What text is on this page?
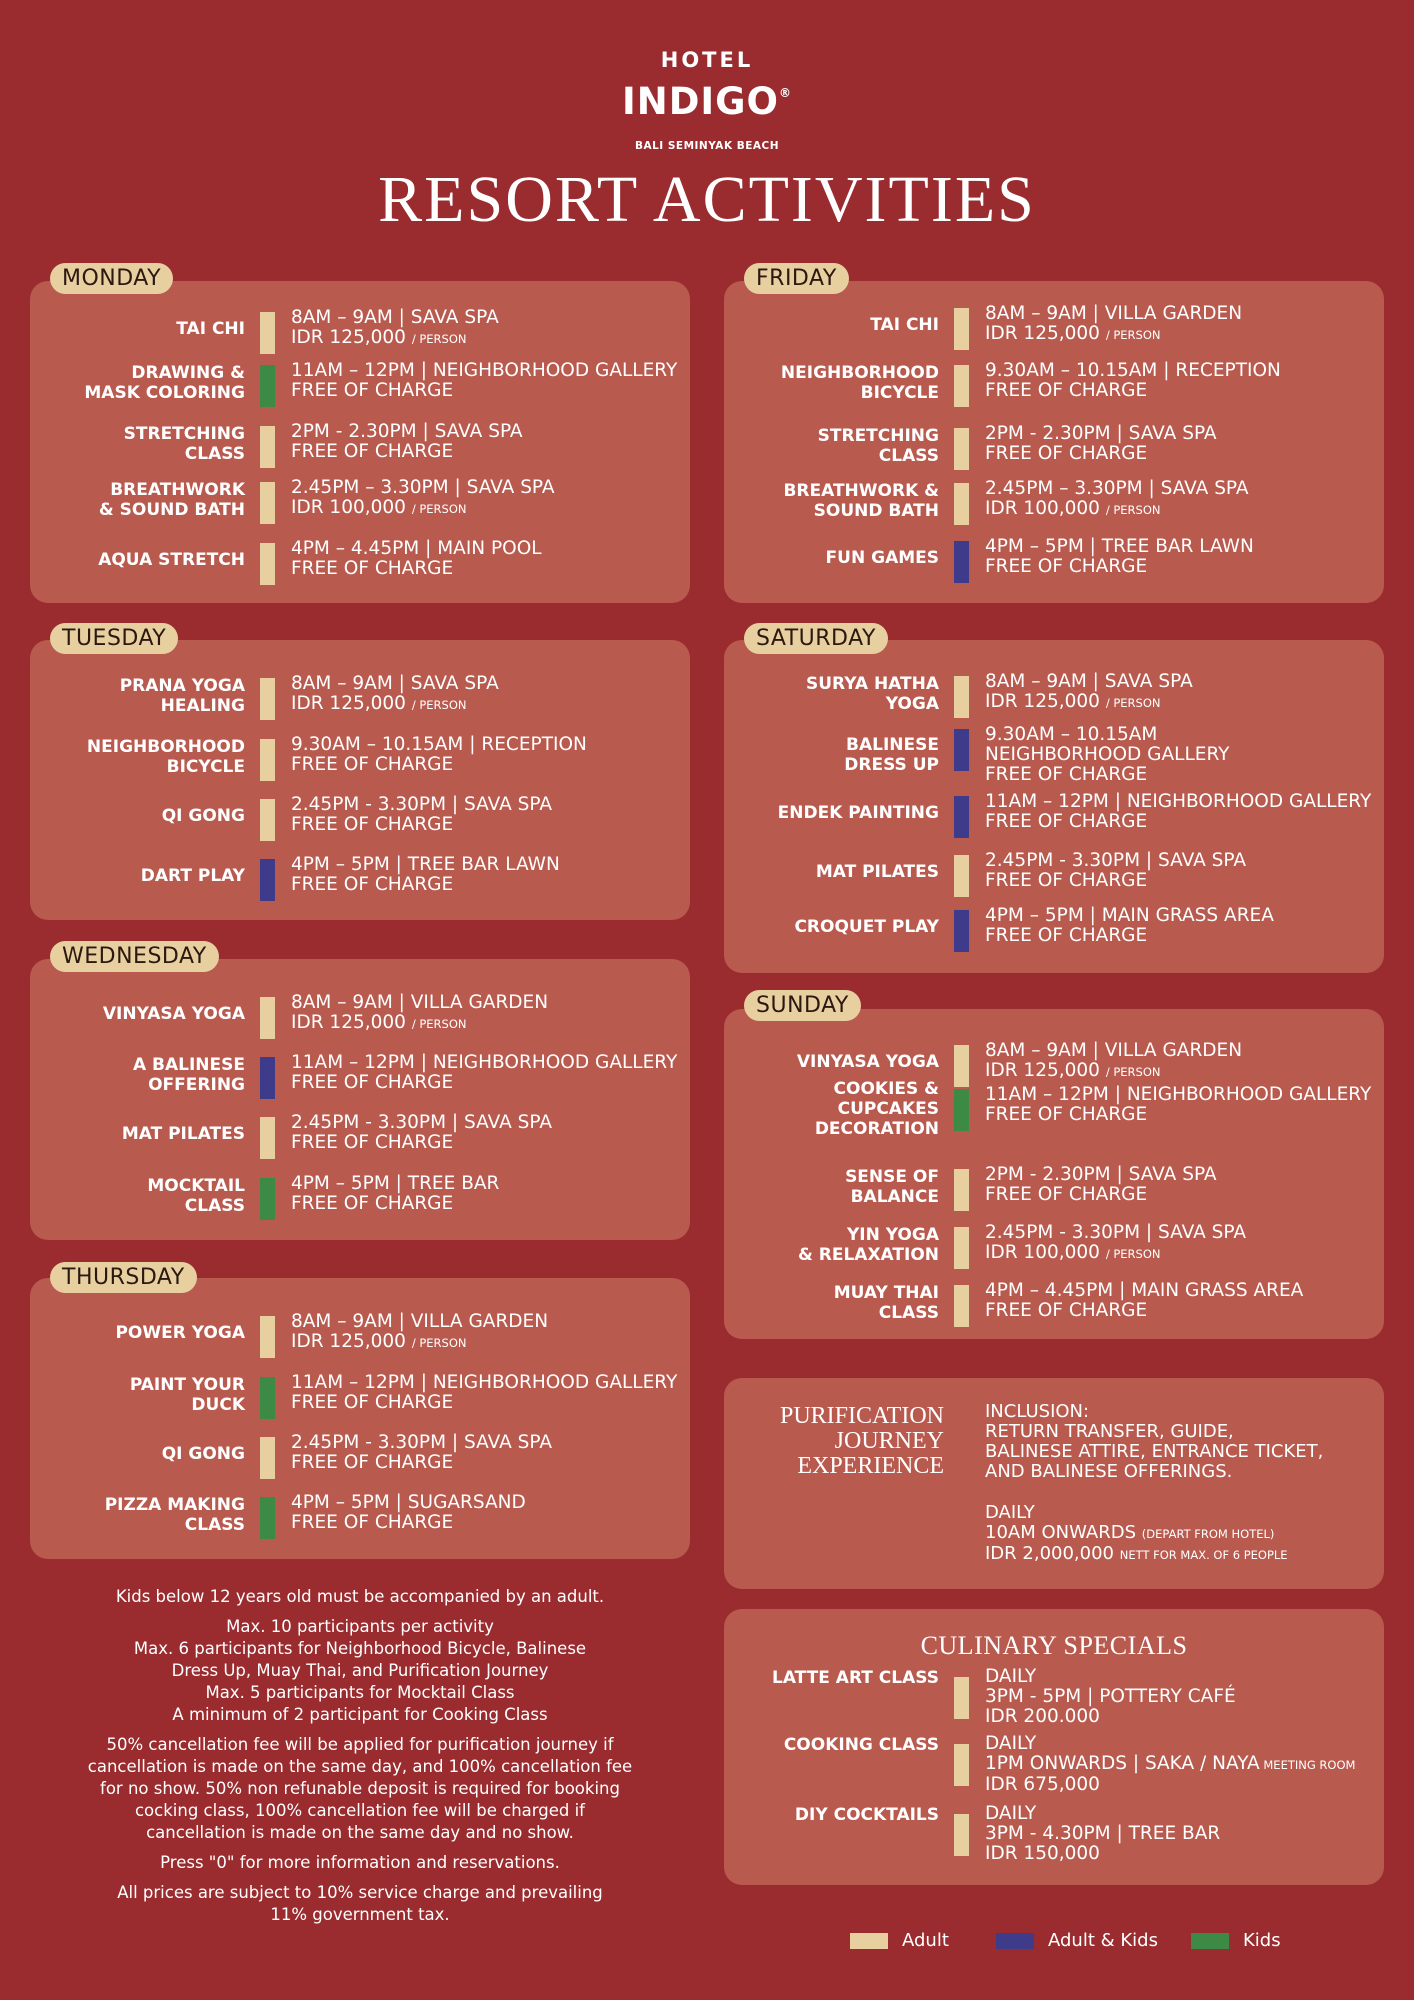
HOTEL
INDIGO®
BALI SEMINYAK BEACH
RESORT ACTIVITIES
TAI CHI
8AM – 9AM | SAVA SPA
IDR 125,000 / PERSON
DRAWING &
MASK COLORING
11AM – 12PM | NEIGHBORHOOD GALLERY
FREE OF CHARGE
STRETCHING
CLASS
2PM - 2.30PM | SAVA SPA
FREE OF CHARGE
BREATHWORK
& SOUND BATH
2.45PM – 3.30PM | SAVA SPA
IDR 100,000 / PERSON
AQUA STRETCH
4PM – 4.45PM | MAIN POOL
FREE OF CHARGE
MONDAY
PRANA YOGA
HEALING
8AM – 9AM | SAVA SPA
IDR 125,000 / PERSON
NEIGHBORHOOD
BICYCLE
9.30AM – 10.15AM | RECEPTION
FREE OF CHARGE
QI GONG
2.45PM - 3.30PM | SAVA SPA
FREE OF CHARGE
DART PLAY
4PM – 5PM | TREE BAR LAWN
FREE OF CHARGE
TUESDAY
VINYASA YOGA
8AM – 9AM | VILLA GARDEN
IDR 125,000 / PERSON
A BALINESE
OFFERING
11AM – 12PM | NEIGHBORHOOD GALLERY
FREE OF CHARGE
MAT PILATES
2.45PM - 3.30PM | SAVA SPA
FREE OF CHARGE
MOCKTAIL
CLASS
4PM – 5PM | TREE BAR
FREE OF CHARGE
WEDNESDAY
POWER YOGA
8AM – 9AM | VILLA GARDEN
IDR 125,000 / PERSON
PAINT YOUR
DUCK
11AM – 12PM | NEIGHBORHOOD GALLERY
FREE OF CHARGE
QI GONG
2.45PM - 3.30PM | SAVA SPA
FREE OF CHARGE
PIZZA MAKING
CLASS
4PM – 5PM | SUGARSAND
FREE OF CHARGE
THURSDAY
TAI CHI
8AM – 9AM | VILLA GARDEN
IDR 125,000 / PERSON
NEIGHBORHOOD
BICYCLE
9.30AM – 10.15AM | RECEPTION
FREE OF CHARGE
STRETCHING
CLASS
2PM - 2.30PM | SAVA SPA
FREE OF CHARGE
BREATHWORK &
SOUND BATH
2.45PM – 3.30PM | SAVA SPA
IDR 100,000 / PERSON
FUN GAMES
4PM – 5PM | TREE BAR LAWN
FREE OF CHARGE
FRIDAY
SURYA HATHA
YOGA
8AM – 9AM | SAVA SPA
IDR 125,000 / PERSON
BALINESE
DRESS UP
9.30AM – 10.15AM
NEIGHBORHOOD GALLERY
FREE OF CHARGE
ENDEK PAINTING
11AM – 12PM | NEIGHBORHOOD GALLERY
FREE OF CHARGE
MAT PILATES
2.45PM - 3.30PM | SAVA SPA
FREE OF CHARGE
CROQUET PLAY
4PM – 5PM | MAIN GRASS AREA
FREE OF CHARGE
SATURDAY
VINYASA YOGA
8AM – 9AM | VILLA GARDEN
IDR 125,000 / PERSON
COOKIES &
CUPCAKES
DECORATION
11AM – 12PM | NEIGHBORHOOD GALLERY
FREE OF CHARGE
SENSE OF
BALANCE
2PM - 2.30PM | SAVA SPA
FREE OF CHARGE
YIN YOGA
& RELAXATION
2.45PM - 3.30PM | SAVA SPA
IDR 100,000 / PERSON
MUAY THAI
CLASS
4PM – 4.45PM | MAIN GRASS AREA
FREE OF CHARGE
SUNDAY
PURIFICATION
JOURNEY
EXPERIENCE
INCLUSION:
RETURN TRANSFER, GUIDE,
BALINESE ATTIRE, ENTRANCE TICKET,
AND BALINESE OFFERINGS.
DAILY
10AM ONWARDS (DEPART FROM HOTEL)
IDR 2,000,000 NETT FOR MAX. OF 6 PEOPLE
CULINARY SPECIALS
LATTE ART CLASS DAILY
3PM - 5PM | POTTERY CAFÉ
IDR 200.000
COOKING CLASS DAILY
1PM ONWARDS | SAKA / NAYA MEETING ROOM
IDR 675,000
DIY COCKTAILS DAILY
3PM - 4.30PM | TREE BAR
IDR 150,000

Kids below 12 years old must be accompanied by an adult.

Max. 10 participants per activity
Max. 6 participants for Neighborhood Bicycle, Balinese
Dress Up, Muay Thai, and Purification Journey
Max. 5 participants for Mocktail Class
A minimum of 2 participant for Cooking Class

50% cancellation fee will be applied for purification journey if
cancellation is made on the same day, and 100% cancellation fee
for no show. 50% non refunable deposit is required for booking
cocking class, 100% cancellation fee will be charged if
cancellation is made on the same day and no show.

Press "0" for more information and reservations.

All prices are subject to 10% service charge and prevailing
11% government tax.

Adult	Adult & Kids	Kids
